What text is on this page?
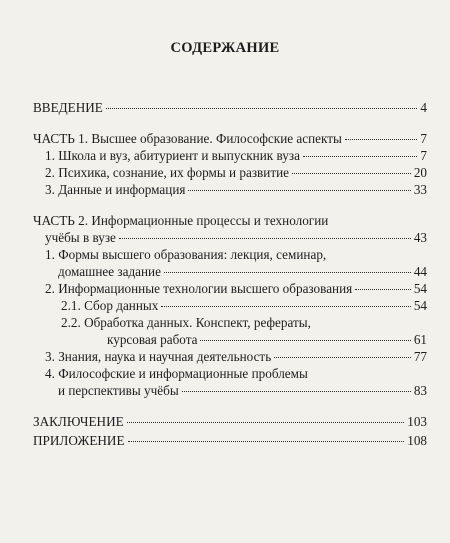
СОДЕРЖАНИЕ
ВВЕДЕНИЕ	4
ЧАСТЬ 1. Высшее образование. Философские аспекты	7
1. Школа и вуз, абитуриент и выпускник вуза	7
2. Психика, сознание, их формы и развитие	20
3. Данные и информация	33
ЧАСТЬ 2. Информационные процессы и технологии
учёбы в вузе	43
1. Формы высшего образования: лекция, семинар,
домашнее задание	44
2. Информационные технологии высшего образования	54
2.1. Сбор данных	54
2.2. Обработка данных. Конспект, рефераты,
курсовая работа	61
3. Знания, наука и научная деятельность	77
4. Философские и информационные проблемы
и перспективы учёбы	83
ЗАКЛЮЧЕНИЕ	103
ПРИЛОЖЕНИЕ	108
